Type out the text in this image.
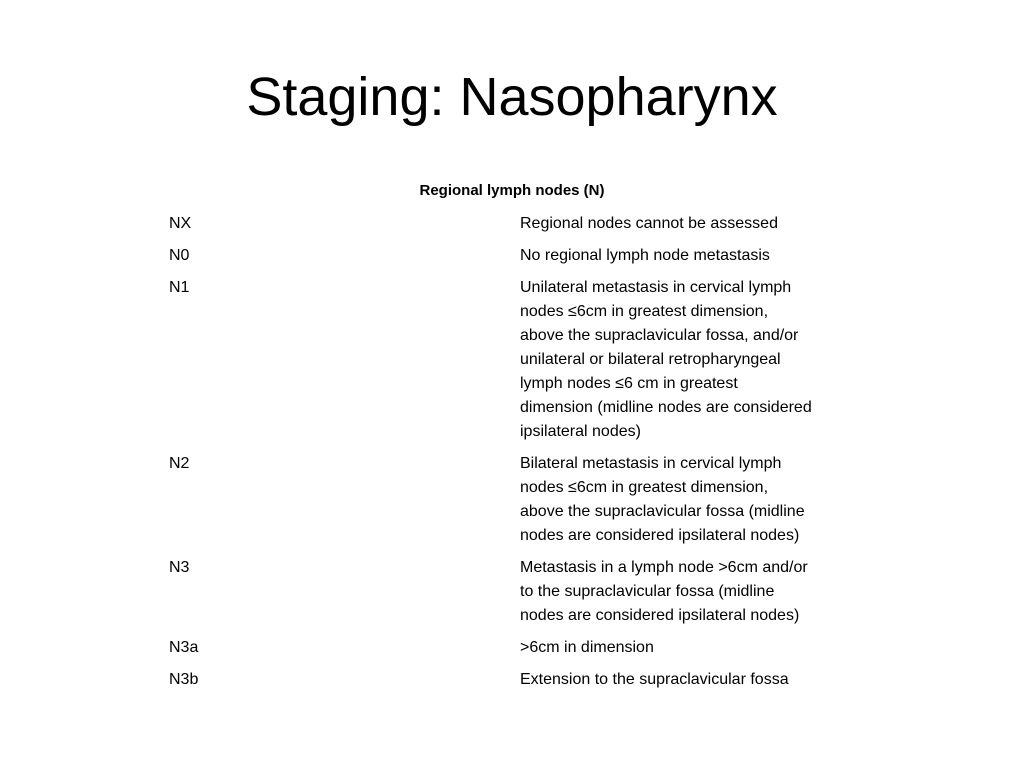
Staging: Nasopharynx
Regional lymph nodes (N)
NX	Regional nodes cannot be assessed
N0	No regional lymph node metastasis
N1	Unilateral metastasis in cervical lymph
nodes ≤6cm in greatest dimension,
above the supraclavicular fossa, and/or
unilateral or bilateral retropharyngeal
lymph nodes ≤6 cm in greatest
dimension (midline nodes are considered
ipsilateral nodes)
N2	Bilateral metastasis in cervical lymph
nodes ≤6cm in greatest dimension,
above the supraclavicular fossa (midline
nodes are considered ipsilateral nodes)
N3	Metastasis in a lymph node >6cm and/or
to the supraclavicular fossa (midline
nodes are considered ipsilateral nodes)
N3a	>6cm in dimension
N3b	Extension to the supraclavicular fossa
